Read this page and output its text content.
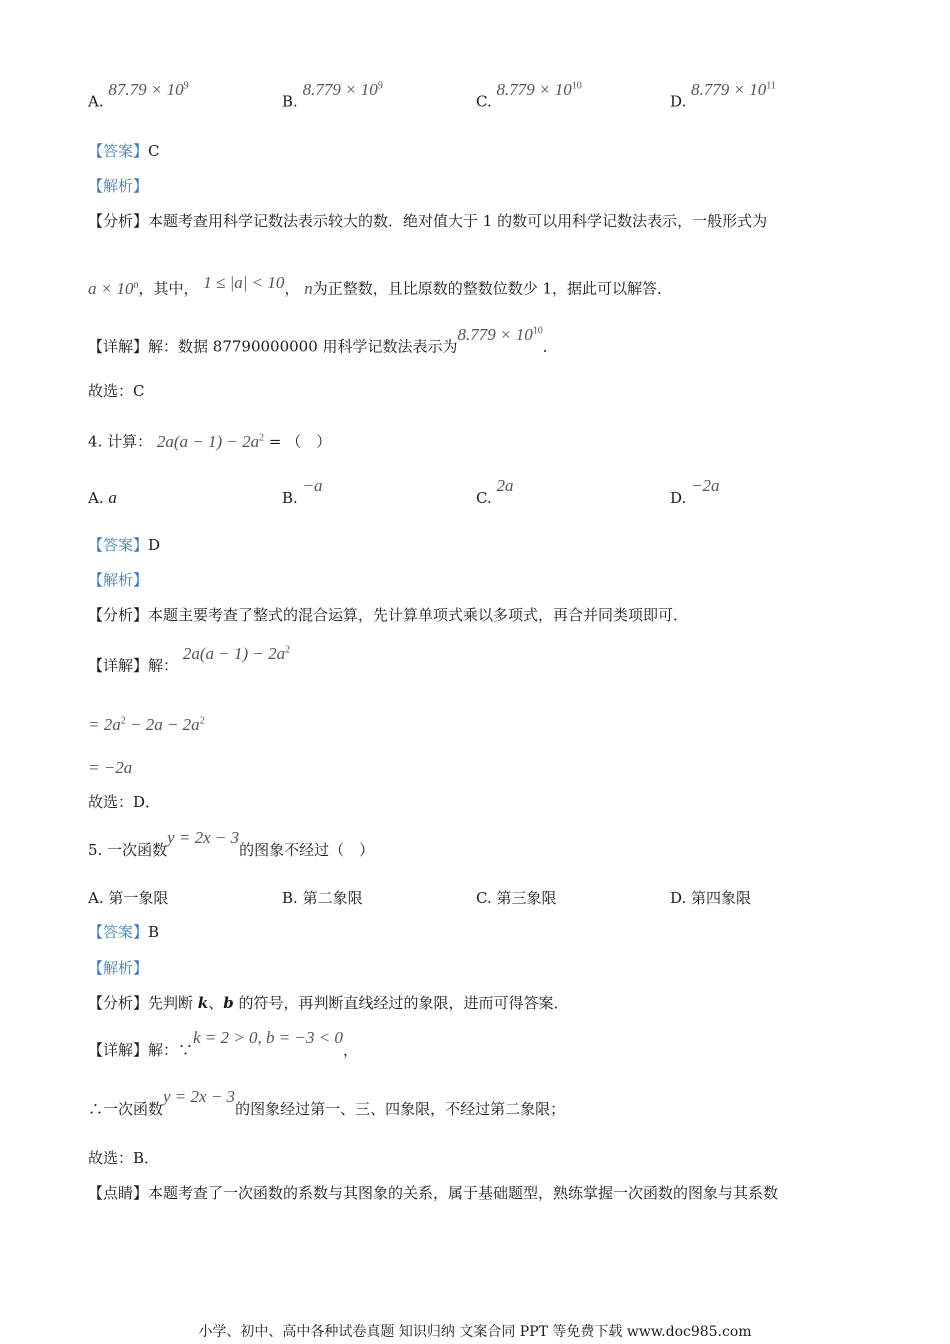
A. $87.79 \times 10^9$
B. $8.779 \times 10^9$
C. $8.779 \times 10^{10}$
D. $8.779 \times 10^{11}$
【答案】C
【解析】
【分析】本题考查用科学记数法表示较大的数．绝对值大于 1 的数可以用科学记数法表示，一般形式为
$a \times 10^n$，其中， 1 ≤ |a| < 10， n为正整数，且比原数的整数位数少 1，据此可以解答．
【详解】解：数据 87790000000 用科学记数法表示为$8.779 \times 10^{10}$．
故选：C
4. 计算： $2a(a - 1) - 2a^2$ = （　）
A. a	B. −a
C. 2a
D. −2a
【答案】D
【解析】
【分析】本题主要考查了整式的混合运算，先计算单项式乘以多项式，再合并同类项即可．
【详解】解： $2a(a - 1) - 2a^2$
= $2a^2 - 2a - 2a^2$
= −2a
故选：D．
5. 一次函数y = 2x − 3的图象不经过（　）
A. 第一象限	B. 第二象限	C. 第三象限	D. 第四象限
【答案】B
【解析】
【分析】先判断 k、b 的符号，再判断直线经过的象限，进而可得答案．
【详解】解：∵k = 2 > 0, b = −3 < 0，
∴一次函数y = 2x − 3的图象经过第一、三、四象限，不经过第二象限；
故选：B．
【点睛】本题考查了一次函数的系数与其图象的关系，属于基础题型，熟练掌握一次函数的图象与其系数
小学、初中、高中各种试卷真题 知识归纳 文案合同 PPT 等免费下载 www.doc985.com
